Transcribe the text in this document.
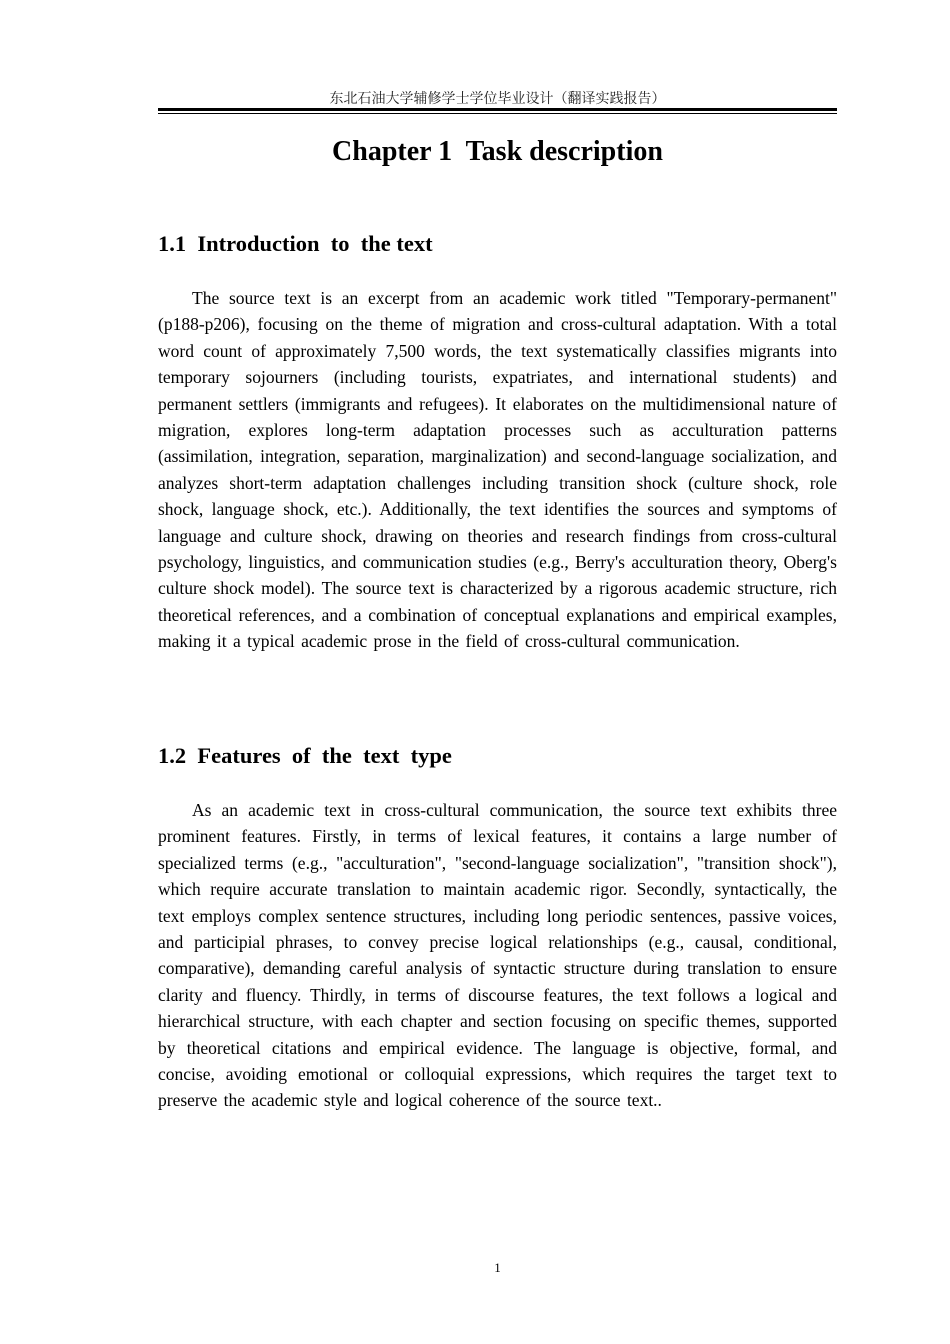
东北石油大学辅修学士学位毕业设计（翻译实践报告）
Chapter 1  Task description
1.1  Introduction  to  the text

The source text is an excerpt from an academic work titled "Temporary-permanent" (p188-p206), focusing on the theme of migration and cross-cultural adaptation. With a total word count of approximately 7,500 words, the text systematically classifies migrants into temporary sojourners (including tourists, expatriates, and international students) and permanent settlers (immigrants and refugees). It elaborates on the multidimensional nature of migration, explores long-term adaptation processes such as acculturation patterns (assimilation, integration, separation, marginalization) and second-language socialization, and analyzes short-term adaptation challenges including transition shock (culture shock, role shock, language shock, etc.). Additionally, the text identifies the sources and symptoms of language and culture shock, drawing on theories and research findings from cross-cultural psychology, linguistics, and communication studies (e.g., Berry's acculturation theory, Oberg's culture shock model). The source text is characterized by a rigorous academic structure, rich theoretical references, and a combination of conceptual explanations and empirical examples, making it a typical academic prose in the field of cross-cultural communication.

1.2  Features  of  the  text  type

As an academic text in cross-cultural communication, the source text exhibits three prominent features. Firstly, in terms of lexical features, it contains a large number of specialized terms (e.g., "acculturation", "second-language socialization", "transition shock"), which require accurate translation to maintain academic rigor. Secondly, syntactically, the text employs complex sentence structures, including long periodic sentences, passive voices, and participial phrases, to convey precise logical relationships (e.g., causal, conditional, comparative), demanding careful analysis of syntactic structure during translation to ensure clarity and fluency. Thirdly, in terms of discourse features, the text follows a logical and hierarchical structure, with each chapter and section focusing on specific themes, supported by theoretical citations and empirical evidence. The language is objective, formal, and concise, avoiding emotional or colloquial expressions, which requires the target text to preserve the academic style and logical coherence of the source text..

1
